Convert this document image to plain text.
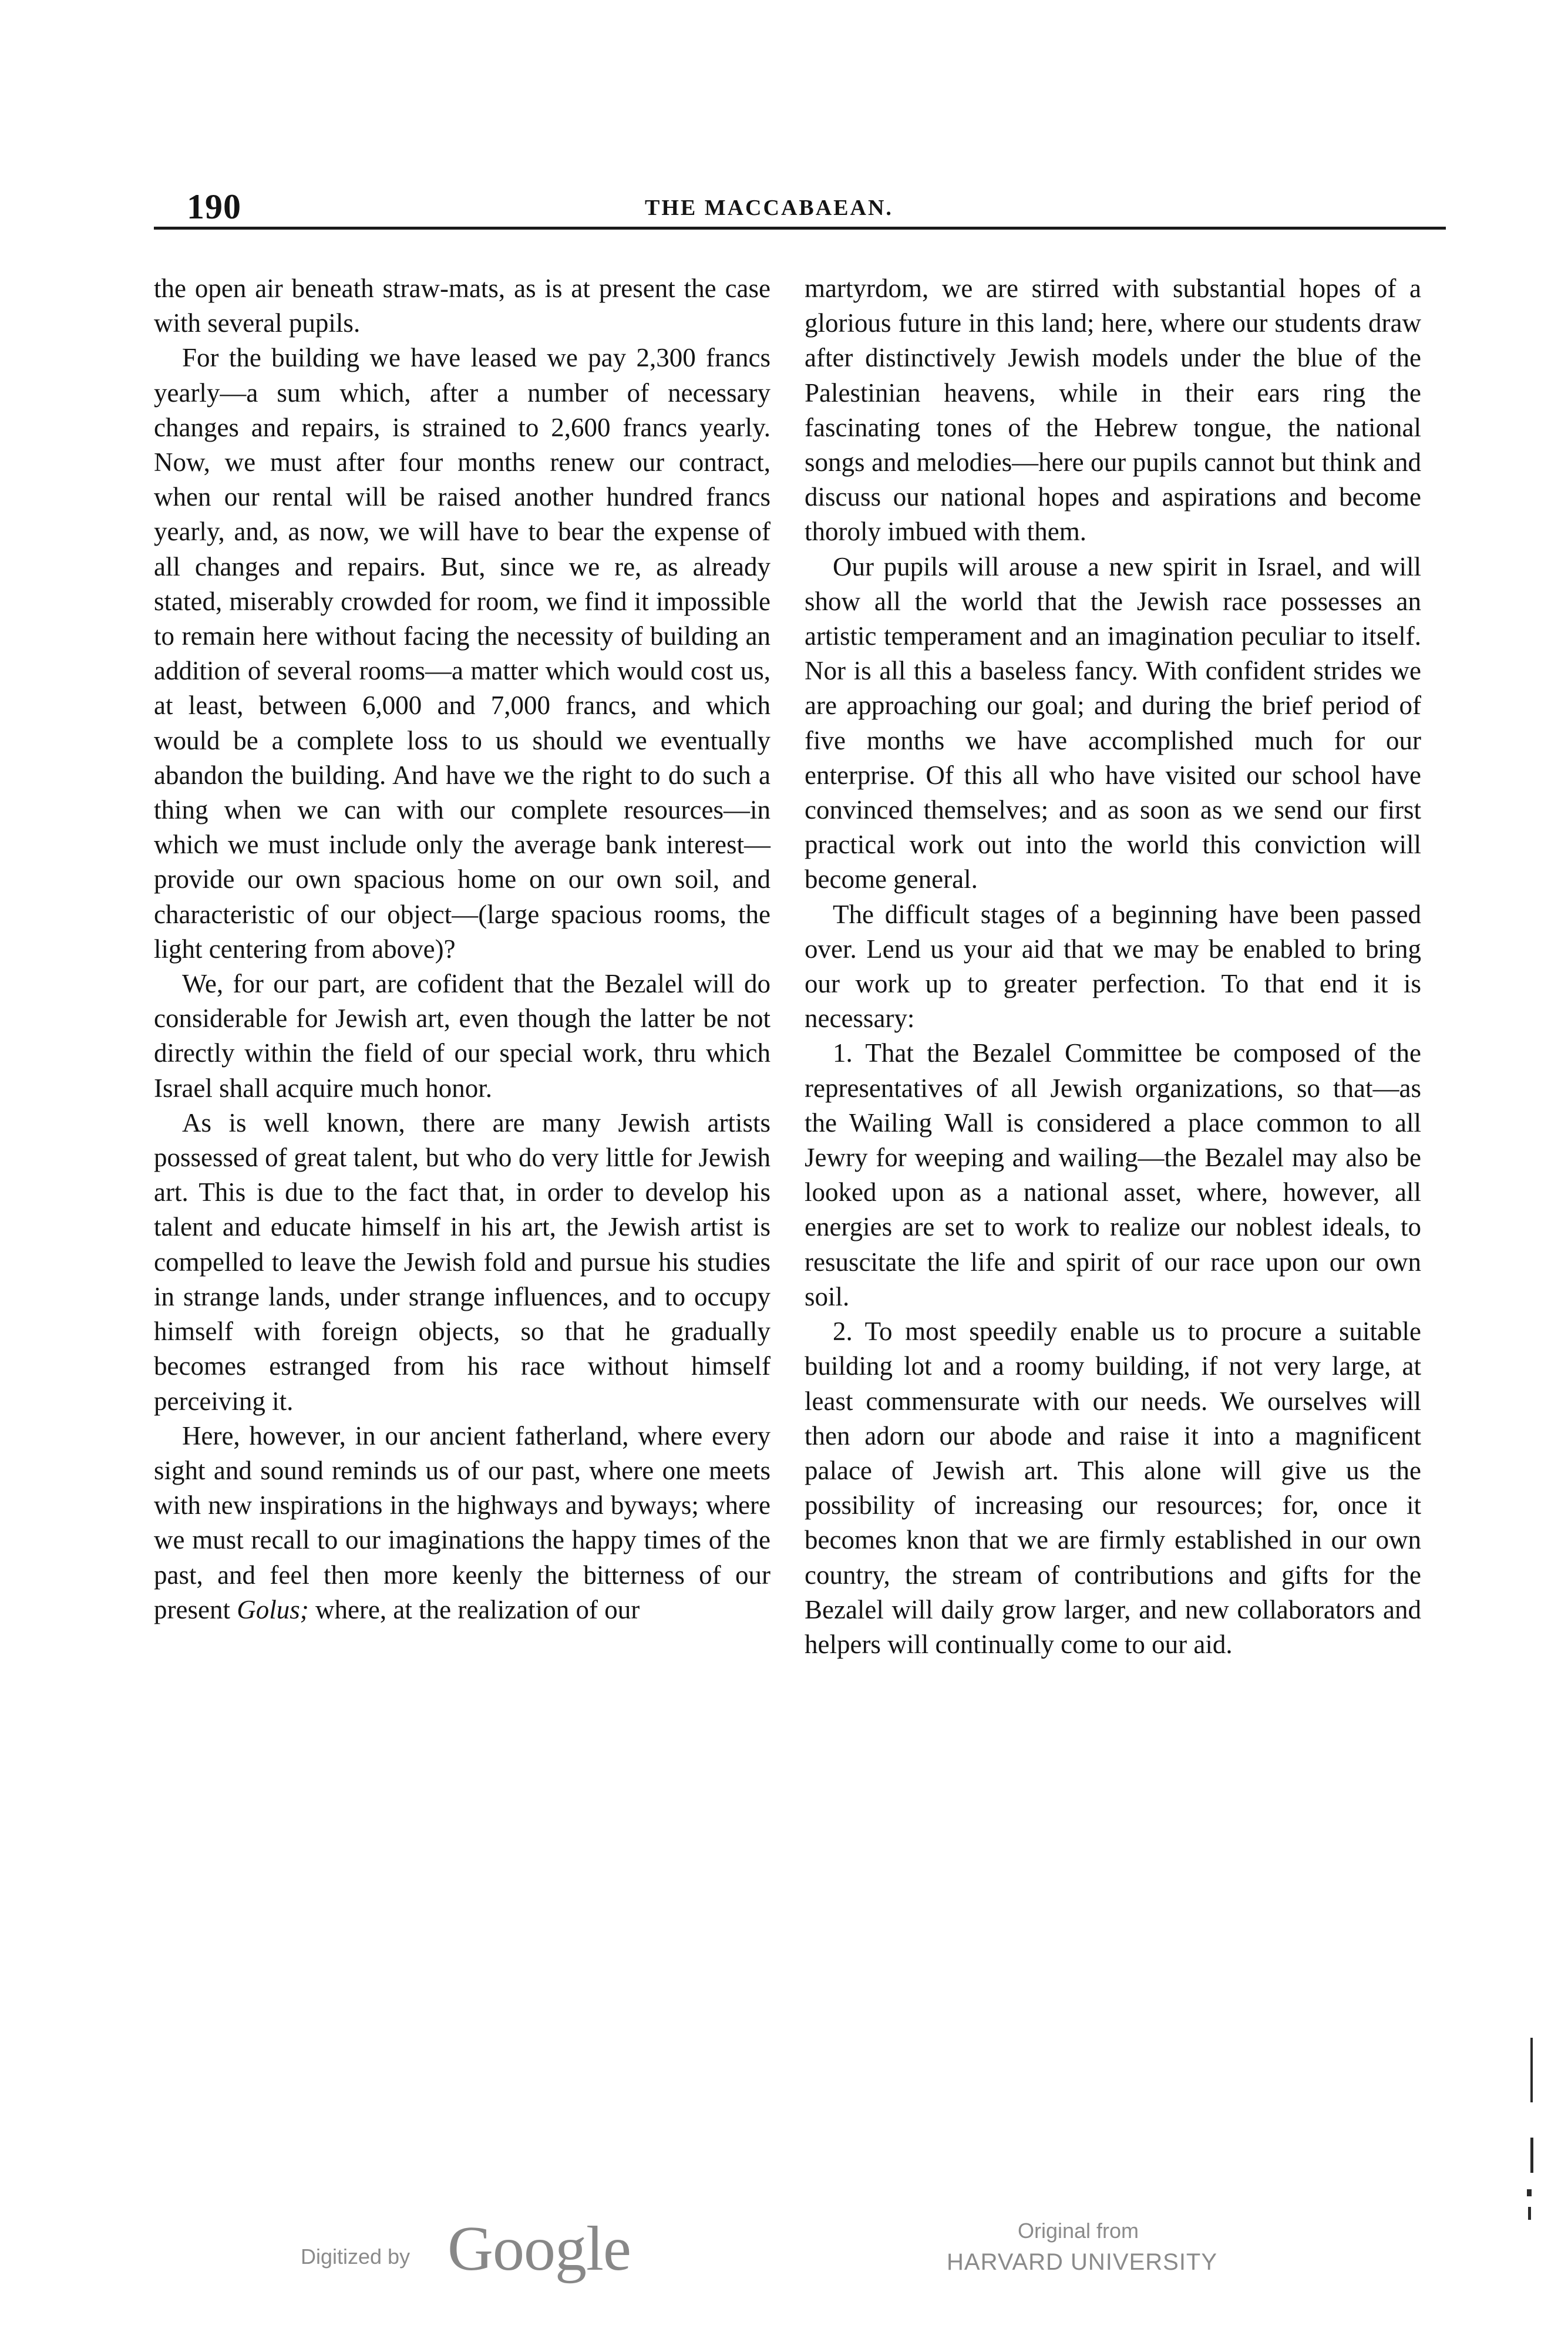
190	THE MACCABAEAN.

the open air beneath straw-mats, as is at present the case with several pupils.

For the building we have leased we pay 2,300 francs yearly—a sum which, after a number of necessary changes and repairs, is strained to 2,600 francs yearly. Now, we must after four months renew our contract, when our rental will be raised another hundred francs yearly, and, as now, we will have to bear the expense of all changes and repairs. But, since we re, as already stated, miserably crowded for room, we find it impossible to remain here without facing the necessity of building an addition of several rooms—a matter which would cost us, at least, between 6,000 and 7,000 francs, and which would be a complete loss to us should we eventually abandon the building. And have we the right to do such a thing when we can with our complete resources—in which we must include only the average bank interest—provide our own spacious home on our own soil, and characteristic of our object—(large spacious rooms, the light centering from above)?

We, for our part, are cofident that the Bezalel will do considerable for Jewish art, even though the latter be not directly within the field of our special work, thru which Israel shall acquire much honor.

As is well known, there are many Jewish artists possessed of great talent, but who do very little for Jewish art. This is due to the fact that, in order to develop his talent and educate himself in his art, the Jewish artist is compelled to leave the Jewish fold and pursue his studies in strange lands, under strange influences, and to occupy himself with foreign objects, so that he gradually becomes estranged from his race without himself perceiving it.

Here, however, in our ancient fatherland, where every sight and sound reminds us of our past, where one meets with new inspirations in the highways and byways; where we must recall to our imaginations the happy times of the past, and feel then more keenly the bitterness of our present Golus; where, at the realization of our

martyrdom, we are stirred with substantial hopes of a glorious future in this land; here, where our students draw after distinctively Jewish models under the blue of the Palestinian heavens, while in their ears ring the fascinating tones of the Hebrew tongue, the national songs and melodies—here our pupils cannot but think and discuss our national hopes and aspirations and become thoroly imbued with them.

Our pupils will arouse a new spirit in Israel, and will show all the world that the Jewish race possesses an artistic temperament and an imagination peculiar to itself. Nor is all this a baseless fancy. With confident strides we are approaching our goal; and during the brief period of five months we have accomplished much for our enterprise. Of this all who have visited our school have convinced themselves; and as soon as we send our first practical work out into the world this conviction will become general.

The difficult stages of a beginning have been passed over. Lend us your aid that we may be enabled to bring our work up to greater perfection. To that end it is necessary:

1. That the Bezalel Committee be composed of the representatives of all Jewish organizations, so that—as the Wailing Wall is considered a place common to all Jewry for weeping and wailing—the Bezalel may also be looked upon as a national asset, where, however, all energies are set to work to realize our noblest ideals, to resuscitate the life and spirit of our race upon our own soil.

2. To most speedily enable us to procure a suitable building lot and a roomy building, if not very large, at least commensurate with our needs. We ourselves will then adorn our abode and raise it into a magnificent palace of Jewish art. This alone will give us the possibility of increasing our resources; for, once it becomes knon that we are firmly established in our own country, the stream of contributions and gifts for the Bezalel will daily grow larger, and new collaborators and helpers will continually come to our aid.

Digitized by Google	Original from
HARVARD UNIVERSITY
